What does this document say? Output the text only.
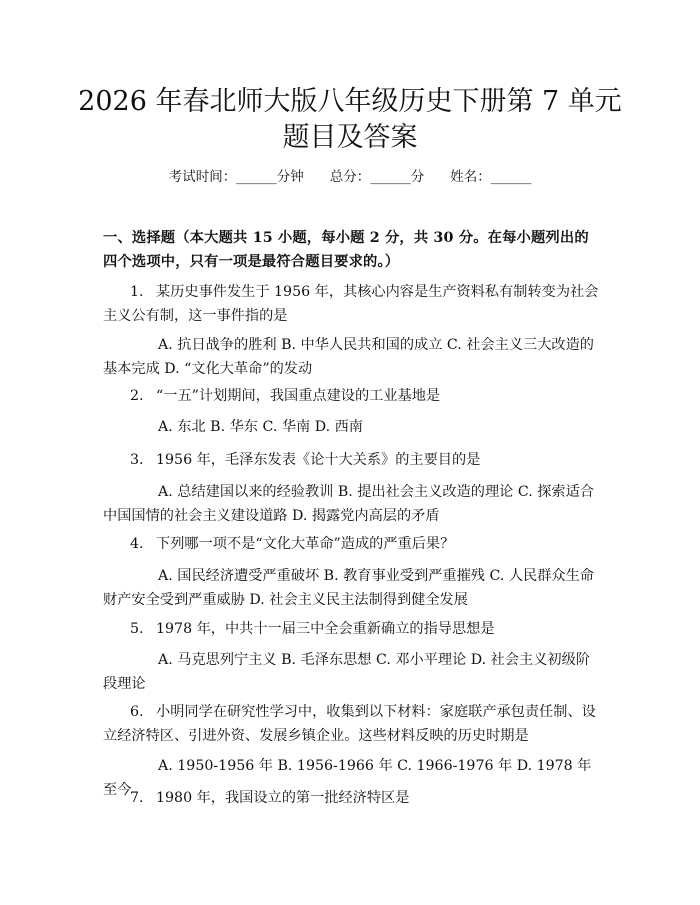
2026 年春北师大版八年级历史下册第 7 单元
题目及答案
考试时间：______分钟 总分：______分 姓名：______
一、选择题（本大题共 15 小题，每小题 2 分，共 30 分。在每小题列出的四个选项中，只有一项是最符合题目要求的。）

1. 某历史事件发生于 1956 年，其核心内容是生产资料私有制转变为社会主义公有制，这一事件指的是

A. 抗日战争的胜利 B. 中华人民共和国的成立 C. 社会主义三大改造的基本完成 D. “文化大革命”的发动

2. “一五”计划期间，我国重点建设的工业基地是

A. 东北 B. 华东 C. 华南 D. 西南

3. 1956 年，毛泽东发表《论十大关系》的主要目的是

A. 总结建国以来的经验教训 B. 提出社会主义改造的理论 C. 探索适合中国国情的社会主义建设道路 D. 揭露党内高层的矛盾

4. 下列哪一项不是“文化大革命”造成的严重后果？

A. 国民经济遭受严重破坏 B. 教育事业受到严重摧残 C. 人民群众生命财产安全受到严重威胁 D. 社会主义民主法制得到健全发展

5. 1978 年，中共十一届三中全会重新确立的指导思想是

A. 马克思列宁主义 B. 毛泽东思想 C. 邓小平理论 D. 社会主义初级阶段理论

6. 小明同学在研究性学习中，收集到以下材料：家庭联产承包责任制、设立经济特区、引进外资、发展乡镇企业。这些材料反映的历史时期是

A. 1950-1956 年 B. 1956-1966 年 C. 1966-1976 年 D. 1978 年至今

7. 1980 年，我国设立的第一批经济特区是
